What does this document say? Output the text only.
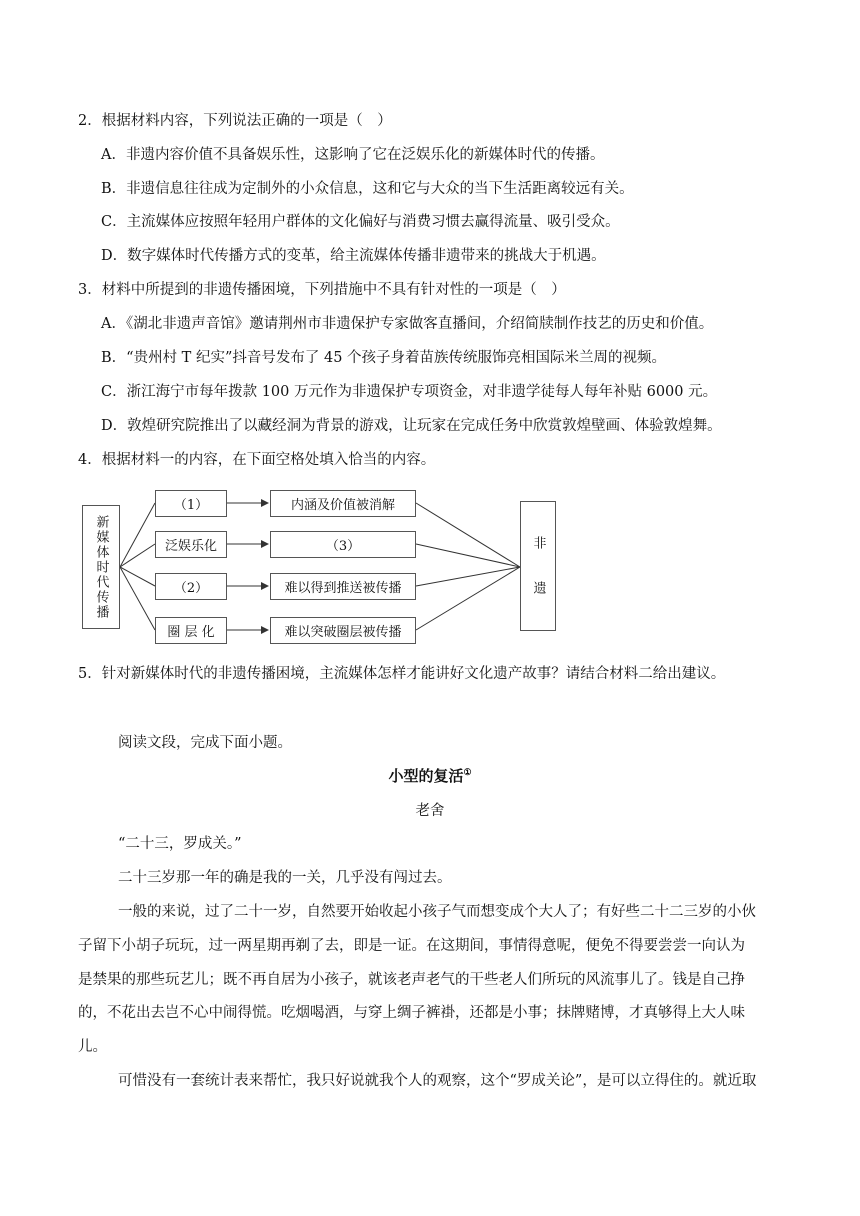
2．根据材料内容，下列说法正确的一项是（　）
A．非遗内容价值不具备娱乐性，这影响了它在泛娱乐化的新媒体时代的传播。
B．非遗信息往往成为定制外的小众信息，这和它与大众的当下生活距离较远有关。
C．主流媒体应按照年轻用户群体的文化偏好与消费习惯去赢得流量、吸引受众。
D．数字媒体时代传播方式的变革，给主流媒体传播非遗带来的挑战大于机遇。
3．材料中所提到的非遗传播困境，下列措施中不具有针对性的一项是（　）
A．《湖北非遗声音馆》邀请荆州市非遗保护专家做客直播间，介绍简牍制作技艺的历史和价值。
B．“贵州村 T 纪实”抖音号发布了 45 个孩子身着苗族传统服饰亮相国际米兰周的视频。
C．浙江海宁市每年拨款 100 万元作为非遗保护专项资金，对非遗学徒每人每年补贴 6000 元。
D．敦煌研究院推出了以藏经洞为背景的游戏，让玩家在完成任务中欣赏敦煌壁画、体验敦煌舞。
4．根据材料一的内容，在下面空格处填入恰当的内容。
新媒体时代传播
（1）
泛娱乐化
（2）
圈 层 化
内涵及价值被消解
（3）
难以得到推送被传播
难以突破圈层被传播
非　　遗
5．针对新媒体时代的非遗传播困境，主流媒体怎样才能讲好文化遗产故事？请结合材料二给出建议。
阅读文段，完成下面小题。
小型的复活①
老舍
“二十三，罗成关。”
二十三岁那一年的确是我的一关，几乎没有闯过去。
一般的来说，过了二十一岁，自然要开始收起小孩子气而想变成个大人了；有好些二十二三岁的小伙
子留下小胡子玩玩，过一两星期再剃了去，即是一证。在这期间，事情得意呢，便免不得要尝尝一向认为
是禁果的那些玩艺儿；既不再自居为小孩子，就该老声老气的干些老人们所玩的风流事儿了。钱是自己挣
的，不花出去岂不心中闹得慌。吃烟喝酒，与穿上绸子裤褂，还都是小事；抹牌赌博，才真够得上大人味
儿。
可惜没有一套统计表来帮忙，我只好说就我个人的观察，这个“罗成关论”，是可以立得住的。就近取
